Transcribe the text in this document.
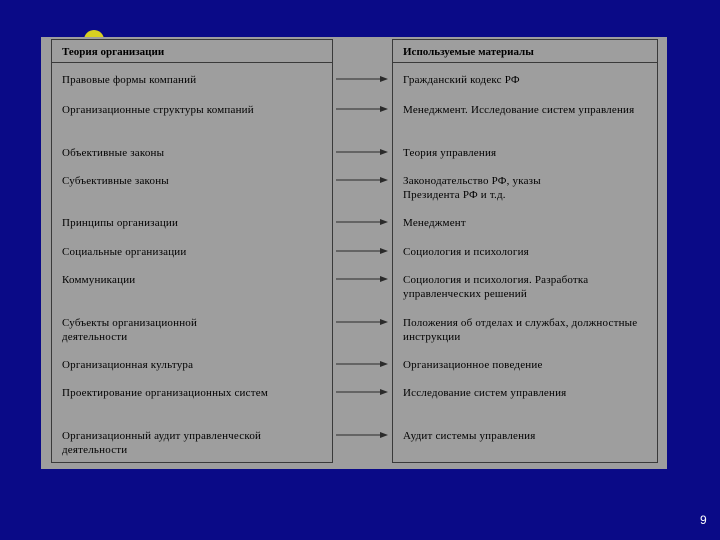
Теория организации
Правовые формы компаний
Организационные структуры компаний
Объективные законы
Субъективные законы
Принципы организации
Социальные организации
Коммуникации
Субъекты организационной деятельности
Организационная культура
Проектирование организационных систем
Организационный аудит управленческой деятельности
Используемые материалы
Гражданский кодекс РФ
Менеджмент. Исследование систем управления
Теория управления
Законодательство РФ, указы Президента РФ и т.д.
Менеджмент
Социология и психология
Социология и психология. Разработка управленческих решений
Положения об отделах и службах, должностные инструкции
Организационное поведение
Исследование систем управления
Аудит системы управления
9
